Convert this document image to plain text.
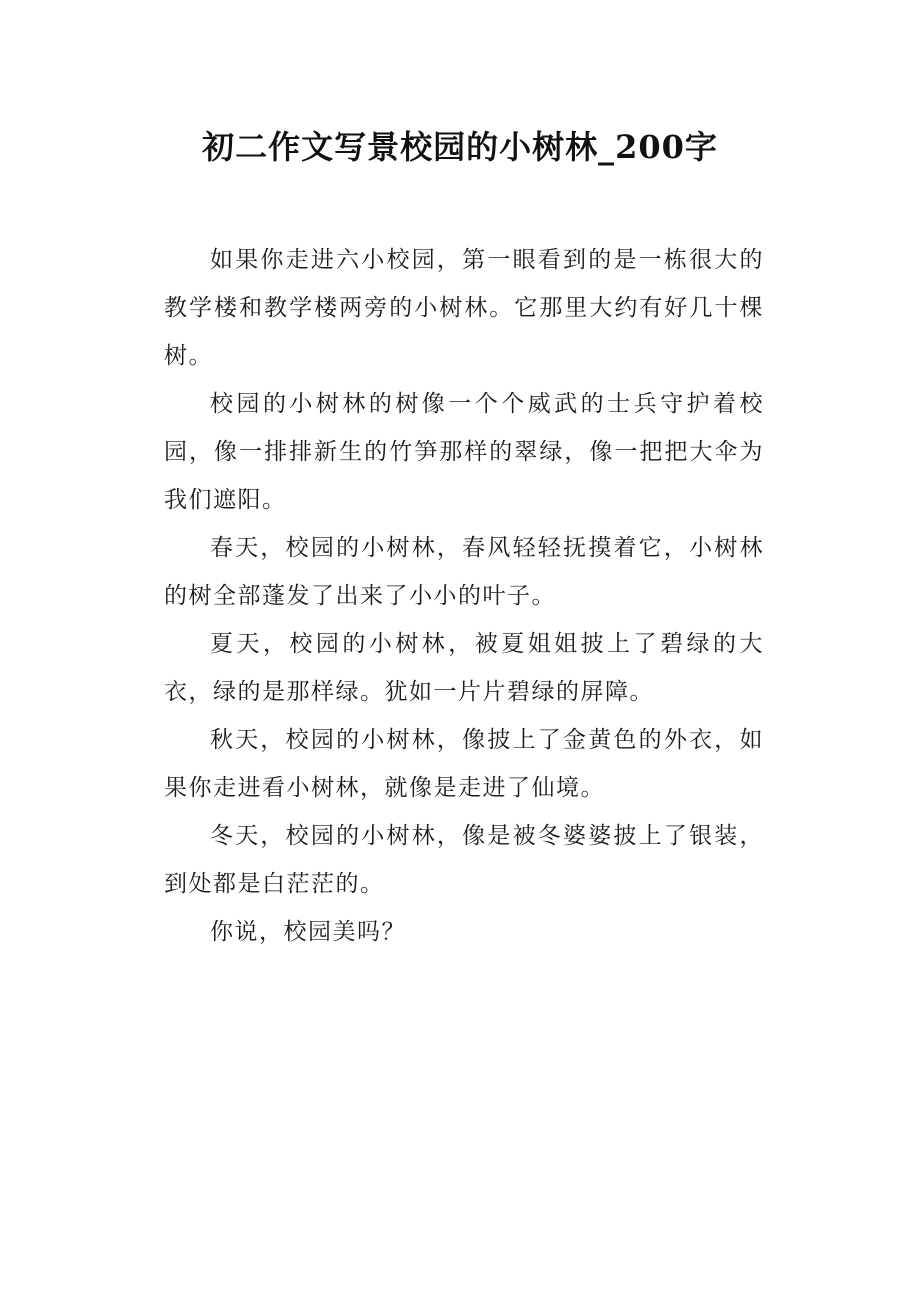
初二作文写景校园的小树林_200字

如果你走进六小校园，第一眼看到的是一栋很大的教学楼和教学楼两旁的小树林。它那里大约有好几十棵树。

校园的小树林的树像一个个威武的士兵守护着校园，像一排排新生的竹笋那样的翠绿，像一把把大伞为我们遮阳。

春天，校园的小树林，春风轻轻抚摸着它，小树林的树全部蓬发了出来了小小的叶子。

夏天，校园的小树林，被夏姐姐披上了碧绿的大衣，绿的是那样绿。犹如一片片碧绿的屏障。

秋天，校园的小树林，像披上了金黄色的外衣，如果你走进看小树林，就像是走进了仙境。

冬天，校园的小树林，像是被冬婆婆披上了银装，到处都是白茫茫的。

你说，校园美吗？
